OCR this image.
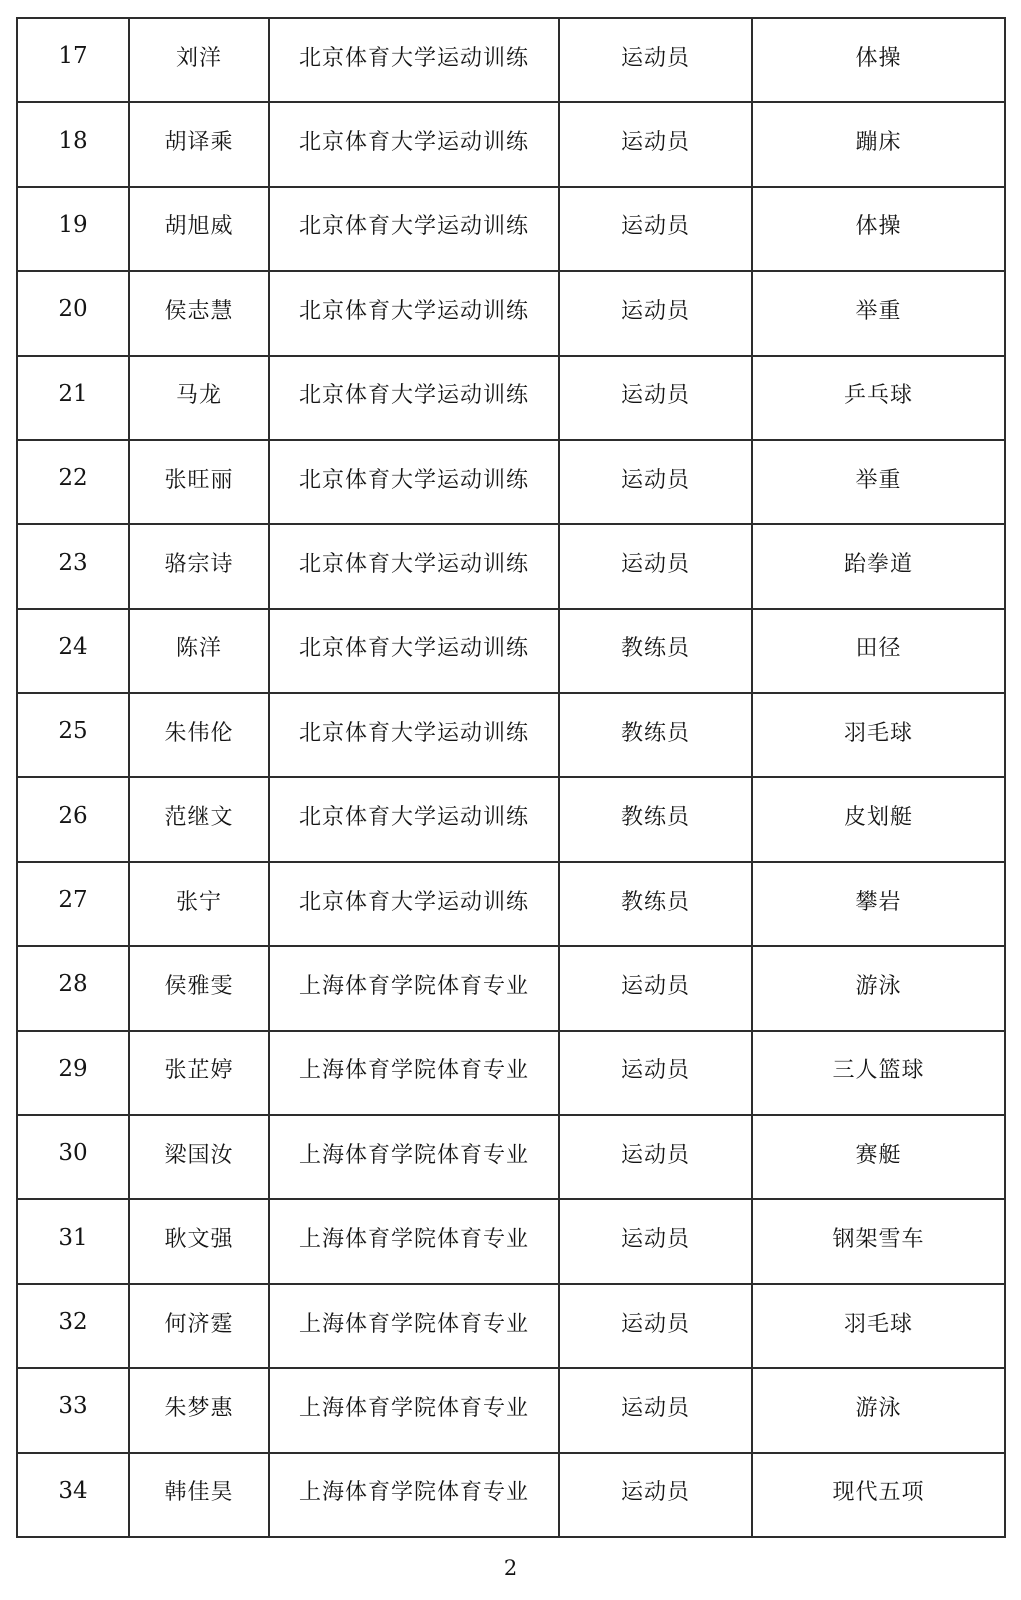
17	刘洋	北京体育大学运动训练	运动员	体操
18	胡译乘	北京体育大学运动训练	运动员	蹦床
19	胡旭威	北京体育大学运动训练	运动员	体操
20	侯志慧	北京体育大学运动训练	运动员	举重
21	马龙	北京体育大学运动训练	运动员	乒乓球
22	张旺丽	北京体育大学运动训练	运动员	举重
23	骆宗诗	北京体育大学运动训练	运动员	跆拳道
24	陈洋	北京体育大学运动训练	教练员	田径
25	朱伟伦	北京体育大学运动训练	教练员	羽毛球
26	范继文	北京体育大学运动训练	教练员	皮划艇
27	张宁	北京体育大学运动训练	教练员	攀岩
28	侯雅雯	上海体育学院体育专业	运动员	游泳
29	张芷婷	上海体育学院体育专业	运动员	三人篮球
30	梁国汝	上海体育学院体育专业	运动员	赛艇
31	耿文强	上海体育学院体育专业	运动员	钢架雪车
32	何济霆	上海体育学院体育专业	运动员	羽毛球
33	朱梦惠	上海体育学院体育专业	运动员	游泳
34	韩佳昊	上海体育学院体育专业	运动员	现代五项
2
